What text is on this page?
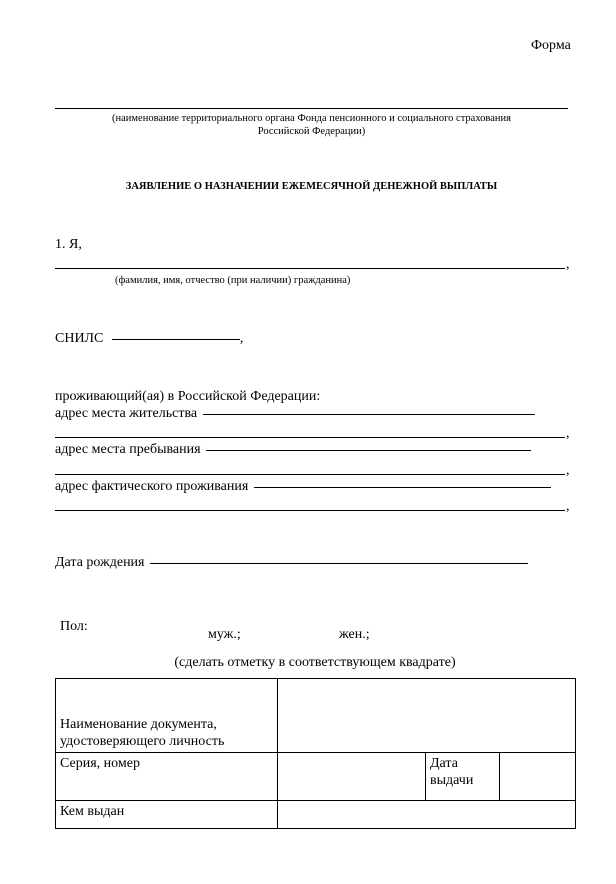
Форма
(наименование территориального органа Фонда пенсионного и социального страхования
Российской Федерации)
ЗАЯВЛЕНИЕ О НАЗНАЧЕНИИ ЕЖЕМЕСЯЧНОЙ ДЕНЕЖНОЙ ВЫПЛАТЫ
1. Я,
,
(фамилия, имя, отчество (при наличии) гражданина)
СНИЛС	,
проживающий(ая) в Российской Федерации:
адрес места жительства
,
адрес места пребывания
,
адрес фактического проживания
,
Дата рождения
Пол:
муж.;	жен.;
(сделать отметку в соответствующем квадрате)
Наименование документа,
удостоверяющего личность			

Серия, номер		Дата
выдачи	

Кем выдан			
